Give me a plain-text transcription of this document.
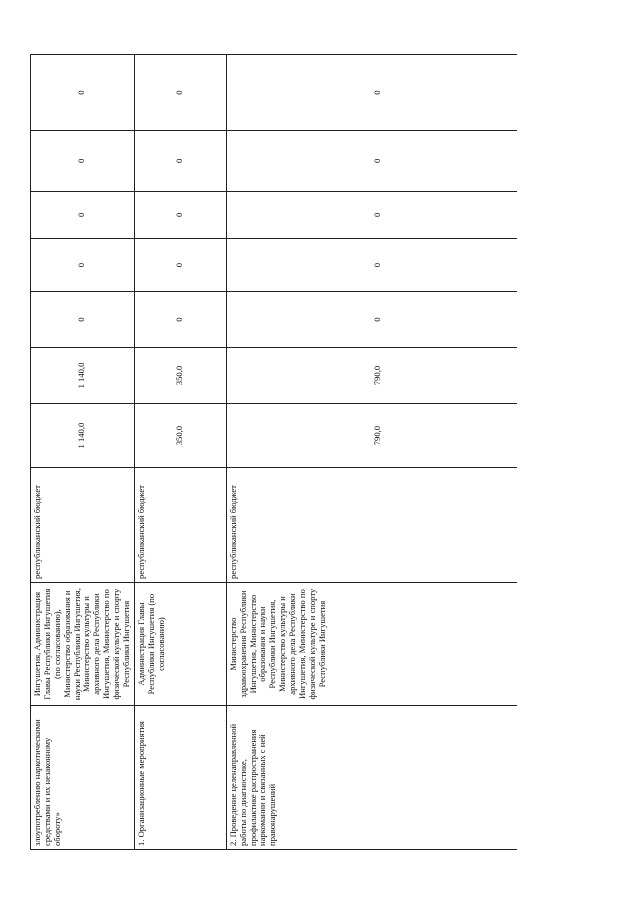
злоупотреблению наркотическими средствами и их незаконному обороту»	Ингушетия, Администрация Главы Республики Ингушетия (по согласованию), Министерство образования и науки Республики Ингушетия, Министерство культуры и архивного дела Республики Ингушетия, Министерство по физической культуре и спорту Республики Ингушетия	республиканский бюджет	1 140,0	1 140,0	0	0	0	0	0
1. Организационные мероприятия	Администрация Главы Республики Ингушетия (по согласованию)	республиканский бюджет	350,0	350,0	0	0	0	0	0
2. Проведение целенаправленной работы по диагностике, профилактике распространения наркомании и связанных с ней правонарушений	Министерство здравоохранения Республики Ингушетия, Министерство образования и науки Республики Ингушетия, Министерство культуры и архивного дела Республики Ингушетия, Министерство по физической культуре и спорту Республики Ингушетия	республиканский бюджет	790,0	790,0	0	0	0	0	0
